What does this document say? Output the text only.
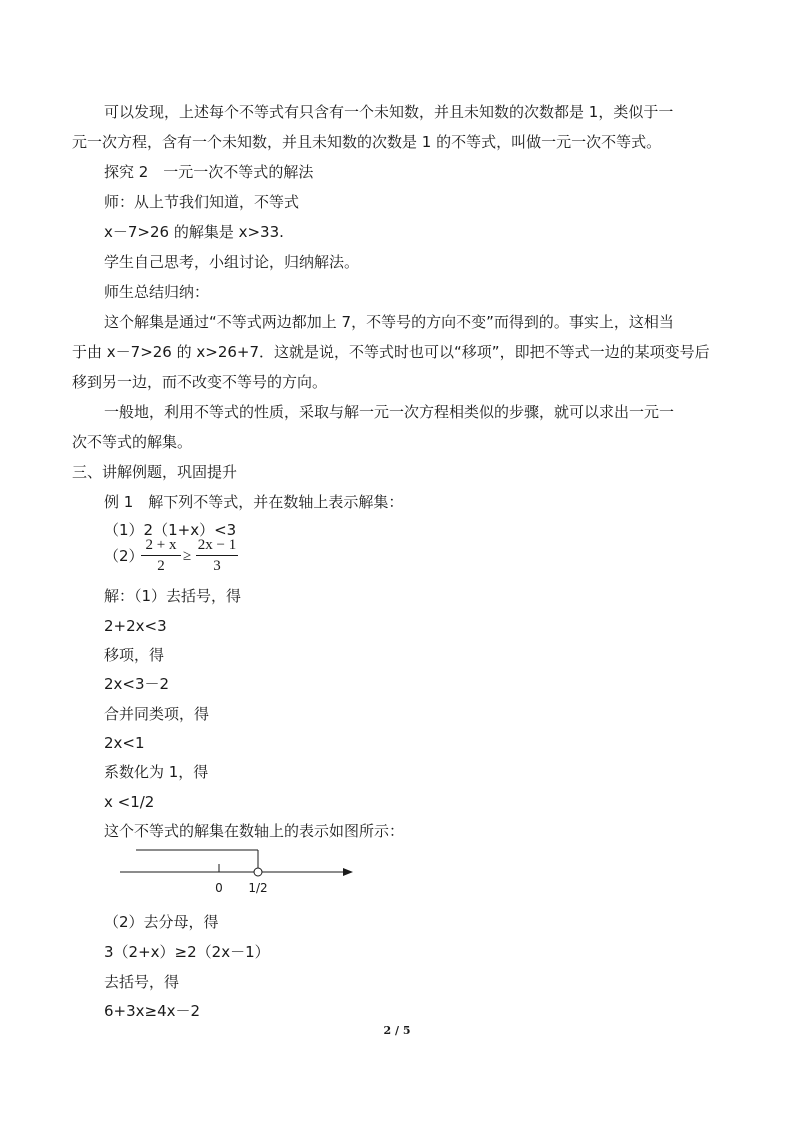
可以发现，上述每个不等式有只含有一个未知数，并且未知数的次数都是 1，类似于一
元一次方程，含有一个未知数，并且未知数的次数是 1 的不等式，叫做一元一次不等式。
探究 2　一元一次不等式的解法
师：从上节我们知道，不等式
x－7>26 的解集是 x>33.
学生自己思考，小组讨论，归纳解法。
师生总结归纳：
这个解集是通过“不等式两边都加上 7，不等号的方向不变”而得到的。事实上，这相当
于由 x－7>26 的 x>26+7．这就是说，不等式时也可以“移项”，即把不等式一边的某项变号后
移到另一边，而不改变不等号的方向。
一般地，利用不等式的性质，采取与解一元一次方程相类似的步骤，就可以求出一元一
次不等式的解集。
三、讲解例题，巩固提升
例 1　解下列不等式，并在数轴上表示解集：
（1）2（1+x）<3
（2）
2 + x
2
≥
2x − 1
3
解：（1）去括号，得
2+2x<3
移项，得
2x<3－2
合并同类项，得
2x<1
系数化为 1，得
x <1/2
这个不等式的解集在数轴上的表示如图所示：
0 1/2
（2）去分母，得
3（2+x）≥2（2x－1）
去括号，得
6+3x≥4x－2
2 / 5
